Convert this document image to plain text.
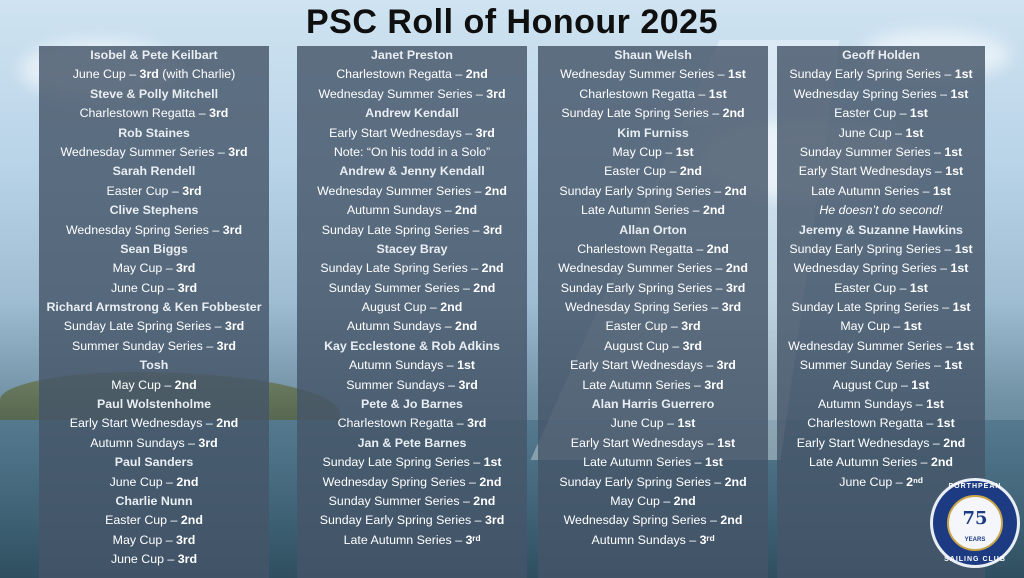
PSC Roll of Honour 2025
Isobel & Pete Keilbart
June Cup – 3rd (with Charlie)
Steve & Polly Mitchell
Charlestown Regatta – 3rd
Rob Staines
Wednesday Summer Series – 3rd
Sarah Rendell
Easter Cup – 3rd
Clive Stephens
Wednesday Spring Series – 3rd
Sean Biggs
May Cup – 3rd
June Cup – 3rd
Richard Armstrong & Ken Fobbester
Sunday Late Spring Series – 3rd
Summer Sunday Series – 3rd
Tosh
May Cup – 2nd
Paul Wolstenholme
Early Start Wednesdays – 2nd
Autumn Sundays – 3rd
Paul Sanders
June Cup – 2nd
Charlie Nunn
Easter Cup – 2nd
May Cup – 3rd
June Cup – 3rd
Janet Preston
Charlestown Regatta – 2nd
Wednesday Summer Series – 3rd
Andrew Kendall
Early Start Wednesdays – 3rd
Note: “On his todd in a Solo”
Andrew & Jenny Kendall
Wednesday Summer Series – 2nd
Autumn Sundays – 2nd
Sunday Late Spring Series – 3rd
Stacey Bray
Sunday Late Spring Series – 2nd
Sunday Summer Series – 2nd
August Cup – 2nd
Autumn Sundays – 2nd
Kay Ecclestone & Rob Adkins
Autumn Sundays – 1st
Summer Sundays – 3rd
Pete & Jo Barnes
Charlestown Regatta – 3rd
Jan & Pete Barnes
Sunday Late Spring Series – 1st
Wednesday Spring Series – 2nd
Sunday Summer Series – 2nd
Sunday Early Spring Series – 3rd
Late Autumn Series – 3ʳᵈ
Shaun Welsh
Wednesday Summer Series – 1st
Charlestown Regatta – 1st
Sunday Late Spring Series – 2nd
Kim Furniss
May Cup – 1st
Easter Cup – 2nd
Sunday Early Spring Series – 2nd
Late Autumn Series – 2nd
Allan Orton
Charlestown Regatta – 2nd
Wednesday Summer Series – 2nd
Sunday Early Spring Series – 3rd
Wednesday Spring Series – 3rd
Easter Cup – 3rd
August Cup – 3rd
Early Start Wednesdays – 3rd
Late Autumn Series – 3rd
Alan Harris Guerrero
June Cup – 1st
Early Start Wednesdays – 1st
Late Autumn Series – 1st
Sunday Early Spring Series – 2nd
May Cup – 2nd
Wednesday Spring Series – 2nd
Autumn Sundays – 3ʳᵈ
Geoff Holden
Sunday Early Spring Series – 1st
Wednesday Spring Series – 1st
Easter Cup – 1st
June Cup – 1st
Sunday Summer Series – 1st
Early Start Wednesdays – 1st
Late Autumn Series – 1st
He doesn’t do second!
Jeremy & Suzanne Hawkins
Sunday Early Spring Series – 1st
Wednesday Spring Series – 1st
Easter Cup – 1st
Sunday Late Spring Series – 1st
May Cup – 1st
Wednesday Summer Series – 1st
Summer Sunday Series – 1st
August Cup – 1st
Autumn Sundays – 1st
Charlestown Regatta – 1st
Early Start Wednesdays – 2nd
Late Autumn Series – 2nd
June Cup – 2ⁿᵈ	PORTHPEAN
75
YEARS
SAILING CLUB
